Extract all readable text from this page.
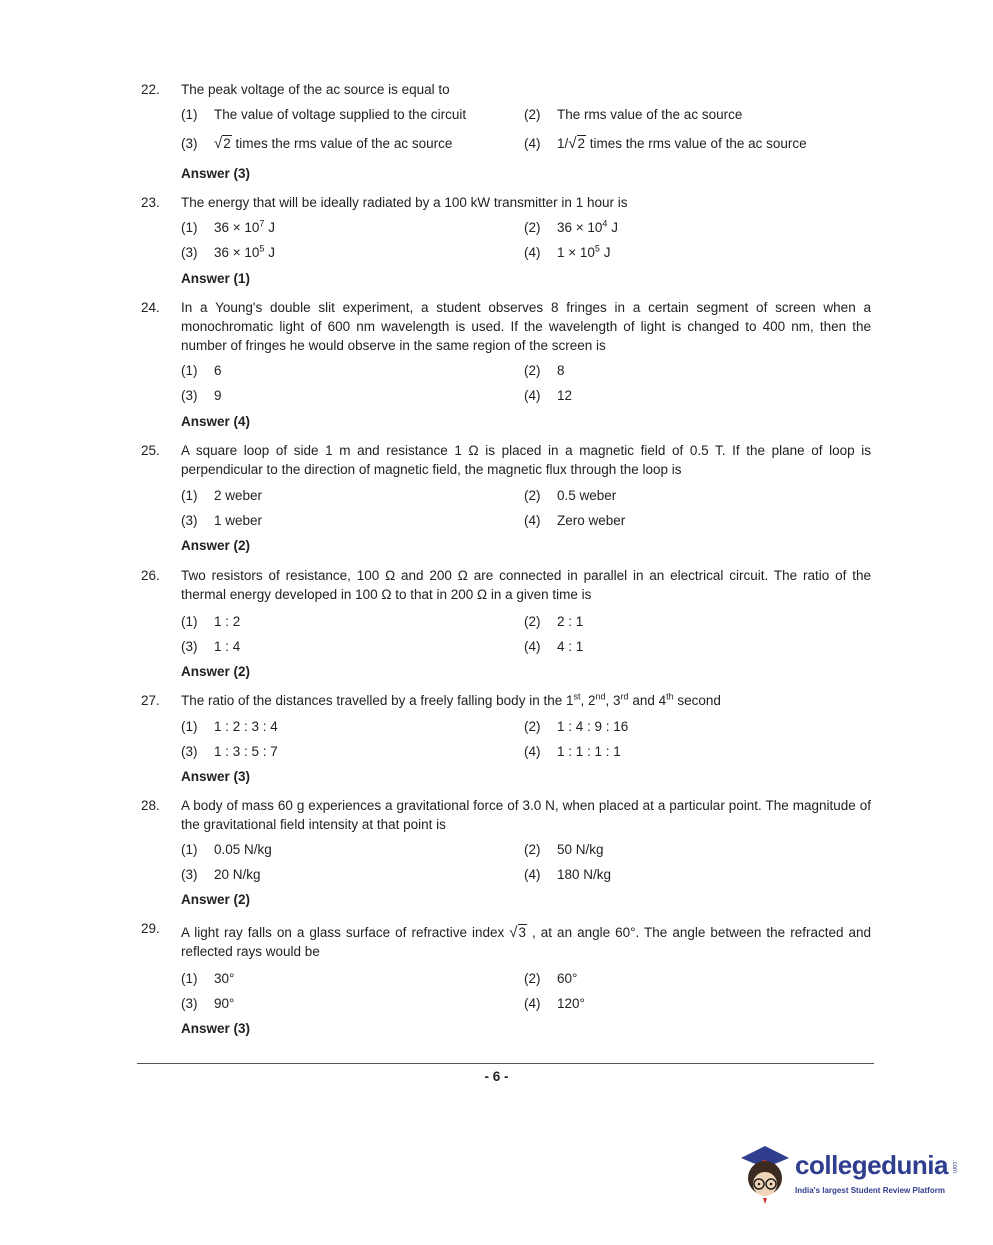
22. The peak voltage of the ac source is equal to
(1) The value of voltage supplied to the circuit	(2) The rms value of the ac source
(3) √2 times the rms value of the ac source	(4) 1/√2 times the rms value of the ac source
Answer (3)
23. The energy that will be ideally radiated by a 100 kW transmitter in 1 hour is
(1) $36 \times 10^7$ J	(2) $36 \times 10^4$ J
(3) $36 \times 10^5$ J	(4) $1 \times 10^5$ J
Answer (1)
24. In a Young's double slit experiment, a student observes 8 fringes in a certain segment of screen when a monochromatic light of 600 nm wavelength is used. If the wavelength of light is changed to 400 nm, then the number of fringes he would observe in the same region of the screen is
(1) 6	(2) 8
(3) 9	(4) 12
Answer (4)
25. A square loop of side 1 m and resistance 1 Ω is placed in a magnetic field of 0.5 T. If the plane of loop is perpendicular to the direction of magnetic field, the magnetic flux through the loop is
(1) 2 weber	(2) 0.5 weber
(3) 1 weber	(4) Zero weber
Answer (2)
26. Two resistors of resistance, 100 Ω and 200 Ω are connected in parallel in an electrical circuit. The ratio of the thermal energy developed in 100 Ω to that in 200 Ω in a given time is
(1) 1 : 2	(2) 2 : 1
(3) 1 : 4	(4) 4 : 1
Answer (2)
27. The ratio of the distances travelled by a freely falling body in the 1st, 2nd, 3rd and 4th second
(1) 1 : 2 : 3 : 4	(2) 1 : 4 : 9 : 16
(3) 1 : 3 : 5 : 7	(4) 1 : 1 : 1 : 1
Answer (3)
28. A body of mass 60 g experiences a gravitational force of 3.0 N, when placed at a particular point. The magnitude of the gravitational field intensity at that point is
(1) 0.05 N/kg	(2) 50 N/kg
(3) 20 N/kg	(4) 180 N/kg
Answer (2)
29. A light ray falls on a glass surface of refractive index √3 , at an angle 60°. The angle between the refracted and reflected rays would be
(1) 30°	(2) 60°
(3) 90°	(4) 120°
Answer (3)
- 6 -
collegedunia .com
India's largest Student Review Platform
